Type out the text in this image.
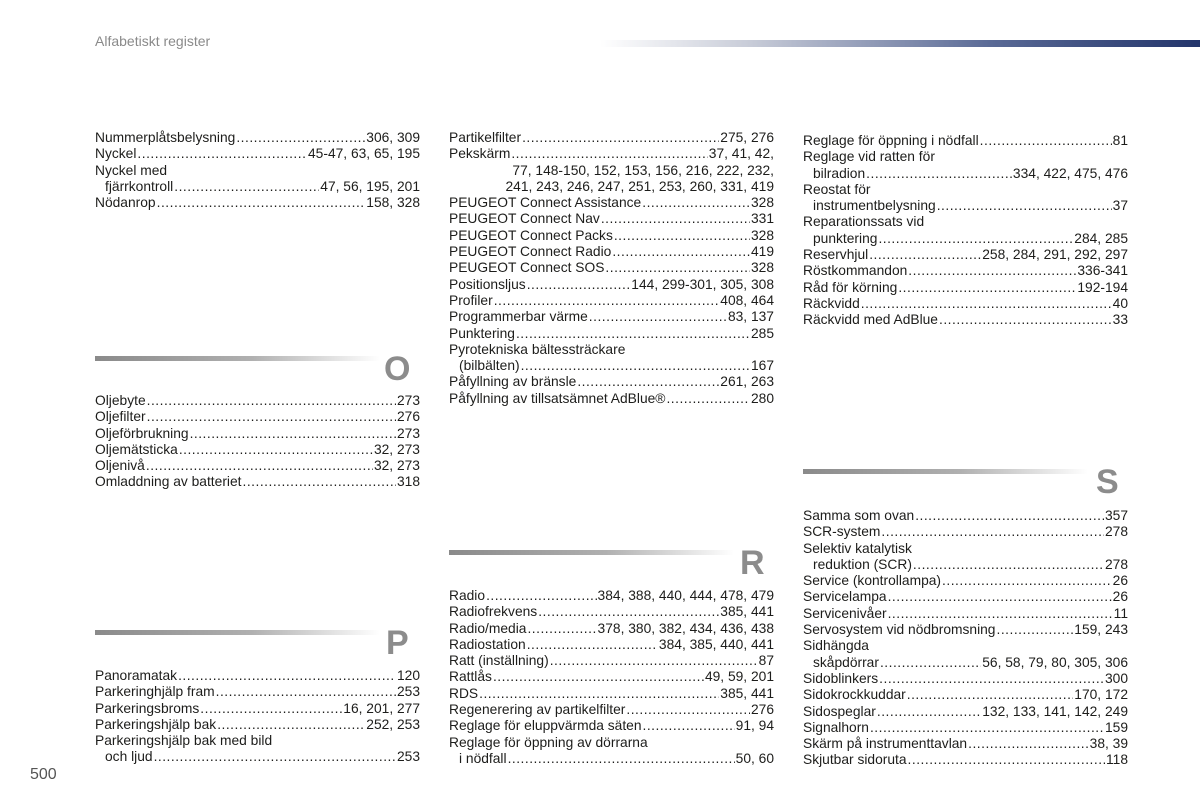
Alfabetiskt register
500
Nummerplåtsbelysning .....	306, 309
Nyckel .....	45-47, 63, 65, 195
Nyckel med
fjärrkontroll .....	47, 56, 195, 201
Nödanrop .....	158, 328
O
Oljebyte .....	273
Oljefilter .....	276
Oljeförbrukning .....	273
Oljemätsticka .....	32, 273
Oljenivå .....	32, 273
Omladdning av batteriet .....	318
P
Panoramatak .....	120
Parkeringhjälp fram .....	253
Parkeringsbroms .....	16, 201, 277
Parkeringshjälp bak .....	252, 253
Parkeringshjälp bak med bild
och ljud .....	253
Partikelfilter .....	275, 276
Pekskärm .....	37, 41, 42,
77, 148-150, 152, 153, 156, 216, 222, 232,
241, 243, 246, 247, 251, 253, 260, 331, 419
PEUGEOT Connect Assistance .....	328
PEUGEOT Connect Nav .....	331
PEUGEOT Connect Packs .....	328
PEUGEOT Connect Radio .....	419
PEUGEOT Connect SOS .....	328
Positionsljus .....	144, 299-301, 305, 308
Profiler .....	408, 464
Programmerbar värme .....	83, 137
Punktering .....	285
Pyrotekniska bältessträckare
(bilbälten) .....	167
Påfyllning av bränsle .....	261, 263
Påfyllning av tillsatsämnet AdBlue® .....	280
R
Radio .....	384, 388, 440, 444, 478, 479
Radiofrekvens .....	385, 441
Radio/media .....	378, 380, 382, 434, 436, 438
Radiostation .....	384, 385, 440, 441
Ratt (inställning) .....	87
Rattlås .....	49, 59, 201
RDS .....	385, 441
Regenerering av partikelfilter .....	276
Reglage för eluppvärmda säten .....	91, 94
Reglage för öppning av dörrarna
i nödfall .....	50, 60
Reglage för öppning i nödfall .....	81
Reglage vid ratten för
bilradion .....	334, 422, 475, 476
Reostat för
instrumentbelysning .....	37
Reparationssats vid
punktering .....	284, 285
Reservhjul .....	258, 284, 291, 292, 297
Röstkommandon .....	336-341
Råd för körning .....	192-194
Räckvidd .....	40
Räckvidd med AdBlue .....	33
S
Samma som ovan .....	357
SCR-system .....	278
Selektiv katalytisk
reduktion (SCR) .....	278
Service (kontrollampa) .....	26
Servicelampa .....	26
Servicenivåer .....	11
Servosystem vid nödbromsning .....	159, 243
Sidhängda
skåpdörrar .....	56, 58, 79, 80, 305, 306
Sidoblinkers .....	300
Sidokrockkuddar .....	170, 172
Sidospeglar .....	132, 133, 141, 142, 249
Signalhorn .....	159
Skärm på instrumenttavlan .....	38, 39
Skjutbar sidoruta .....	118
